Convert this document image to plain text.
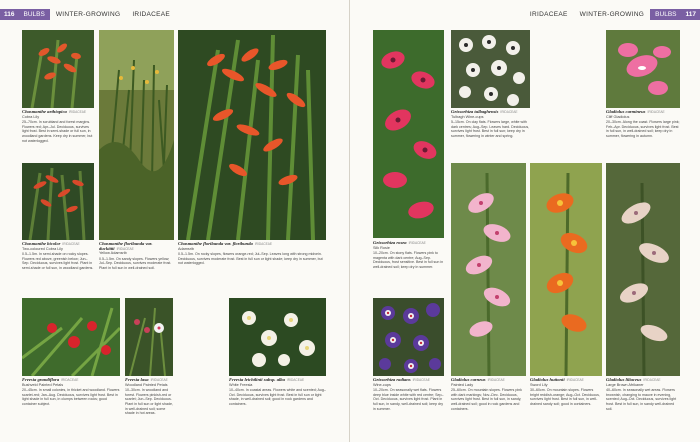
116	BULBS	WINTER-GROWING	IRIDACEAE
Chasmanthe aethiopica IRIDACEAE
Cobra Lily
25–70cm. In scrubland and forest margins. Flowers red; Apr–Jul. Deciduous, survives light frost. Best in semi-shade or full sun, in woodland gardens. Keep dry in summer, but not waterlogged.
Chasmanthe bicolor IRIDACEAE
Two-coloured Cobra Lily
0.5–1.5m. In semi-shade on rocky slopes. Flowers red above, greenish below; Jun–Sep. Deciduous, survives light frost. Plant in semi-shade or full sun, in woodland gardens.
Chasmanthe floribunda var. duckittii IRIDACEAE
Yellow Adamsrib
0.5–1.5m. On sandy slopes. Flowers yellow; Jul–Sep. Deciduous, survives moderate frost. Plant in full sun in well-drained soil.
Chasmanthe floribunda var. floribunda IRIDACEAE
Adamsrib
0.5–1.5m. On rocky slopes, flowers orange-red; Jul–Sep. Leaves long with strong midvein. Deciduous, survives moderate frost. Best in full sun or light shade; keep dry in summer, but not waterlogged.
Freesia grandiflora IRIDACEAE
Bushveld Painted Petals
20–45cm. In small colonies, in thicket and woodland. Flowers scarlet-red; Jan–Aug. Deciduous, survives light frost. Best in light shade in full sun, in clumps between rocks; good container subject.
Freesia laxa IRIDACEAE
Woodland Painted Petals
10–30cm. In woodland and forest. Flowers pinkish-red or scarlet; Jun–Sep. Deciduous. Plant in full sun or light shade, in well-drained soil; some shade in hot areas.
Freesia leichtlinii subsp. alba IRIDACEAE
White Freesia
10–40cm. In coastal areas. Flowers white and scented; Aug–Oct. Deciduous, survives light frost. Best in full sun or light shade, in well-drained soil; good in rock gardens and containers.
IRIDACEAE	WINTER-GROWING	BULBS	117
Geissorhiza rosea IRIDACEAE
Silk Rosie
10–20cm. On stony flats. Flowers pink to magenta with dark centre; Aug–Sep. Deciduous, frost sensitive. Best in full sun in well-drained soil; keep dry in summer.
Geissorhiza tulbaghensis IRIDACEAE
Tulbagh Wine-cups
5–15cm. On clay flats. Flowers large, white with dark centres; Aug–Sep. Leaves hard. Deciduous, survives light frost. Best in full sun; keep dry in summer, flowering in winter and spring.
Gladiolus carmineus IRIDACEAE
Cliff Gladiolus
20–30cm. Along the coast. Flowers large pink; Feb–Apr. Deciduous, survives light frost. Best in full sun, in well-drained soil; keep dry in summer, flowering in autumn.
Geissorhiza radians IRIDACEAE
Wine-cups
10–20cm. On seasonally wet flats. Flowers deep blue inside white with red centre; Sep–Oct. Deciduous, survives light frost. Plant in full sun, in sandy, well-drained soil; keep dry in summer.
Gladiolus carneus IRIDACEAE
Painted Lady
25–60cm. On mountain slopes. Flowers pink with dark markings; Nov–Dec. Deciduous, survives light frost. Best in full sun, in sandy, well-drained soil; good in rock gardens and containers.
Gladiolus huttonii IRIDACEAE
Sword Lily
30–60cm. On mountain slopes. Flowers bright reddish-orange; Aug–Oct. Deciduous, survives light frost. Best in full sun, in well-drained sandy soil; good in containers.
Gladiolus liliaceus IRIDACEAE
Large Brown Afrikaner
40–60cm. In seasonally wet areas. Flowers brownish, changing to mauve in evening, scented; Aug–Oct. Deciduous, survives light frost. Best in full sun, in sandy well-drained soil.
